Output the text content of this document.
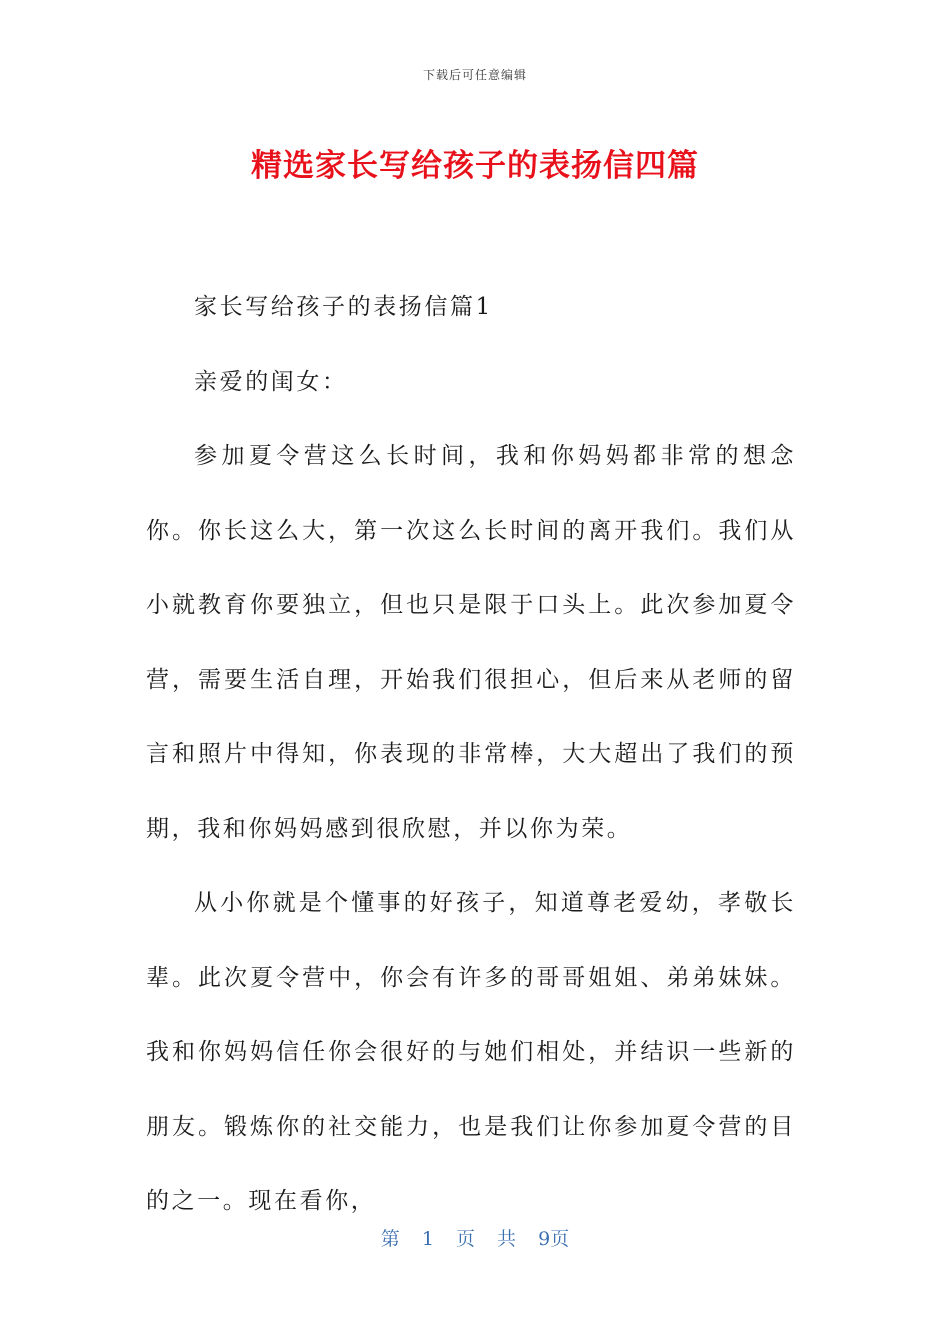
下载后可任意编辑
精选家长写给孩子的表扬信四篇

家长写给孩子的表扬信篇1

亲爱的闺女：

参加夏令营这么长时间，我和你妈妈都非常的想念你。你长这么大，第一次这么长时间的离开我们。我们从小就教育你要独立，但也只是限于口头上。此次参加夏令营，需要生活自理，开始我们很担心，但后来从老师的留言和照片中得知，你表现的非常棒，大大超出了我们的预期，我和你妈妈感到很欣慰，并以你为荣。

从小你就是个懂事的好孩子，知道尊老爱幼，孝敬长辈。此次夏令营中，你会有许多的哥哥姐姐、弟弟妹妹。我和你妈妈信任你会很好的与她们相处，并结识一些新的朋友。锻炼你的社交能力，也是我们让你参加夏令营的目的之一。现在看你，

第 1 页 共 9页
